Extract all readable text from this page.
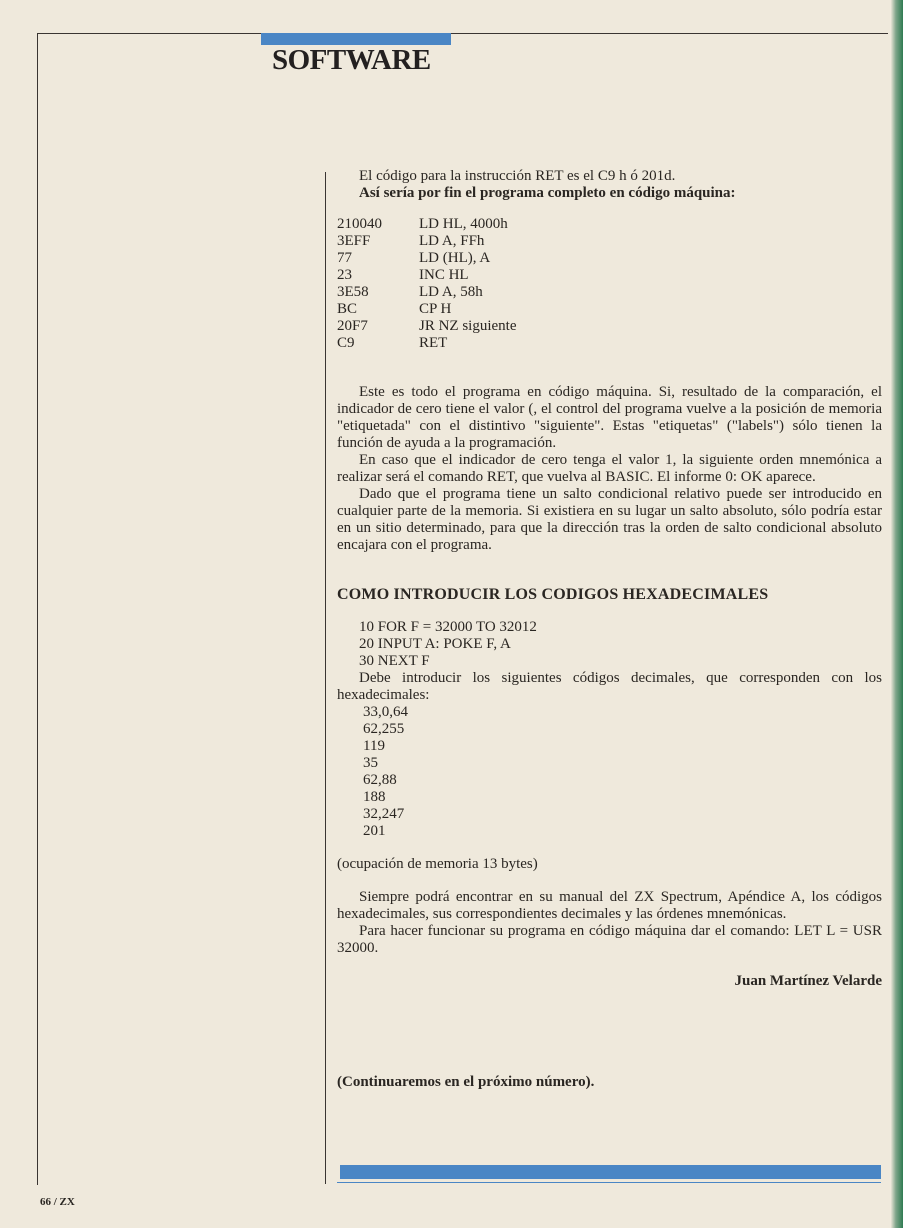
SOFTWARE

El código para la instrucción RET es el C9 h ó 201d.

Así sería por fin el programa completo en código máquina:

210040	LD HL, 4000h
3EFF	LD A, FFh
77	LD (HL), A
23	INC HL
3E58	LD A, 58h
BC	CP H
20F7	JR NZ siguiente
C9	RET

Este es todo el programa en código máquina. Si, resultado de la comparación, el indicador de cero tiene el valor (, el control del programa vuelve a la posición de memoria "etiquetada" con el distintivo "siguiente". Estas "etiquetas" ("labels") sólo tienen la función de ayuda a la programación.

En caso que el indicador de cero tenga el valor 1, la siguiente orden mnemónica a realizar será el comando RET, que vuelva al BASIC. El informe 0: OK aparece.

Dado que el programa tiene un salto condicional relativo puede ser introducido en cualquier parte de la memoria. Si existiera en su lugar un salto absoluto, sólo podría estar en un sitio determinado, para que la dirección tras la orden de salto condicional absoluto encajara con el programa.

COMO INTRODUCIR LOS CODIGOS HEXADECIMALES

10 FOR F = 32000 TO 32012

20 INPUT A: POKE F, A

30 NEXT F

Debe introducir los siguientes códigos decimales, que corresponden con los hexadecimales:

33,0,64

62,255

119

35

62,88

188

32,247

201

(ocupación de memoria 13 bytes)

Siempre podrá encontrar en su manual del ZX Spectrum, Apéndice A, los códigos hexadecimales, sus correspondientes decimales y las órdenes mnemónicas.

Para hacer funcionar su programa en código máquina dar el comando: LET L = USR 32000.

Juan Martínez Velarde

(Continuaremos en el próximo número).

66 / ZX
